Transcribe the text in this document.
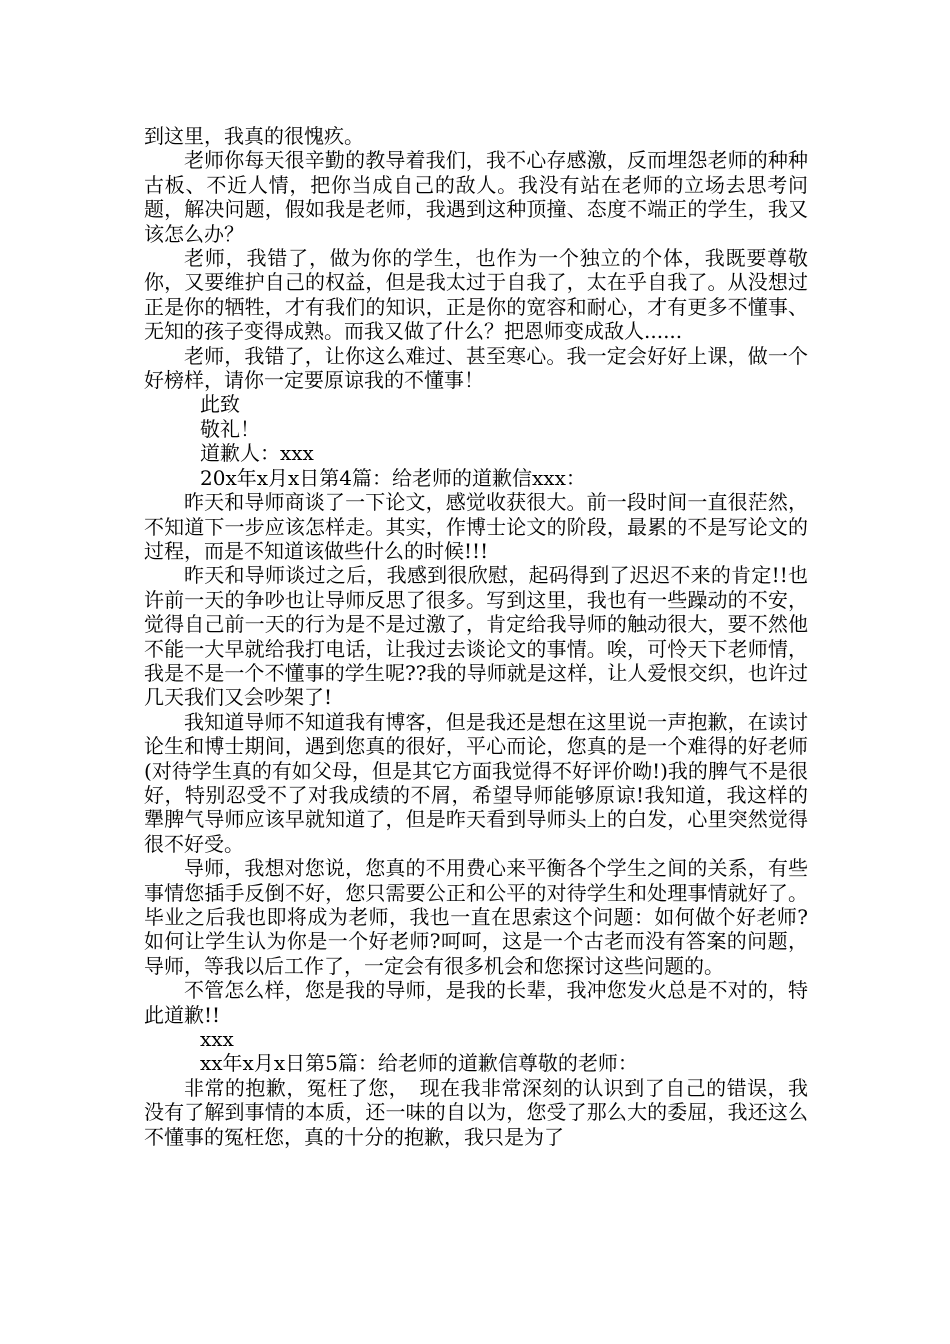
到这里，我真的很愧疚。

老师你每天很辛勤的教导着我们，我不心存感激，反而埋怨老师的种种古板、不近人情，把你当成自己的敌人。我没有站在老师的立场去思考问题，解决问题，假如我是老师，我遇到这种顶撞、态度不端正的学生，我又该怎么办？

老师，我错了，做为你的学生，也作为一个独立的个体，我既要尊敬你，又要维护自己的权益，但是我太过于自我了，太在乎自我了。从没想过正是你的牺牲，才有我们的知识，正是你的宽容和耐心，才有更多不懂事、无知的孩子变得成熟。而我又做了什么？把恩师变成敌人......

老师，我错了，让你这么难过、甚至寒心。我一定会好好上课，做一个好榜样，请你一定要原谅我的不懂事！

此致

敬礼！

道歉人：xxx

20x年x月x日第4篇：给老师的道歉信xxx：

昨天和导师商谈了一下论文，感觉收获很大。前一段时间一直很茫然，不知道下一步应该怎样走。其实，作博士论文的阶段，最累的不是写论文的过程，而是不知道该做些什么的时候!!!

昨天和导师谈过之后，我感到很欣慰，起码得到了迟迟不来的肯定!!也许前一天的争吵也让导师反思了很多。写到这里，我也有一些躁动的不安，觉得自己前一天的行为是不是过激了，肯定给我导师的触动很大，要不然他不能一大早就给我打电话，让我过去谈论文的事情。唉，可怜天下老师情，我是不是一个不懂事的学生呢??我的导师就是这样，让人爱恨交织，也许过几天我们又会吵架了!

我知道导师不知道我有博客，但是我还是想在这里说一声抱歉，在读讨论生和博士期间，遇到您真的很好，平心而论，您真的是一个难得的好老师(对待学生真的有如父母，但是其它方面我觉得不好评价呦!)我的脾气不是很好，特别忍受不了对我成绩的不屑，希望导师能够原谅!我知道，我这样的犟脾气导师应该早就知道了，但是昨天看到导师头上的白发，心里突然觉得很不好受。

导师，我想对您说，您真的不用费心来平衡各个学生之间的关系，有些事情您插手反倒不好，您只需要公正和公平的对待学生和处理事情就好了。毕业之后我也即将成为老师，我也一直在思索这个问题：如何做个好老师?如何让学生认为你是一个好老师?呵呵，这是一个古老而没有答案的问题，导师，等我以后工作了，一定会有很多机会和您探讨这些问题的。

不管怎么样，您是我的导师，是我的长辈，我冲您发火总是不对的，特此道歉!!

xxx

xx年x月x日第5篇：给老师的道歉信尊敬的老师：

非常的抱歉，冤枉了您，　现在我非常深刻的认识到了自己的错误，我没有了解到事情的本质，还一味的自以为，您受了那么大的委屈，我还这么不懂事的冤枉您，真的十分的抱歉，我只是为了
